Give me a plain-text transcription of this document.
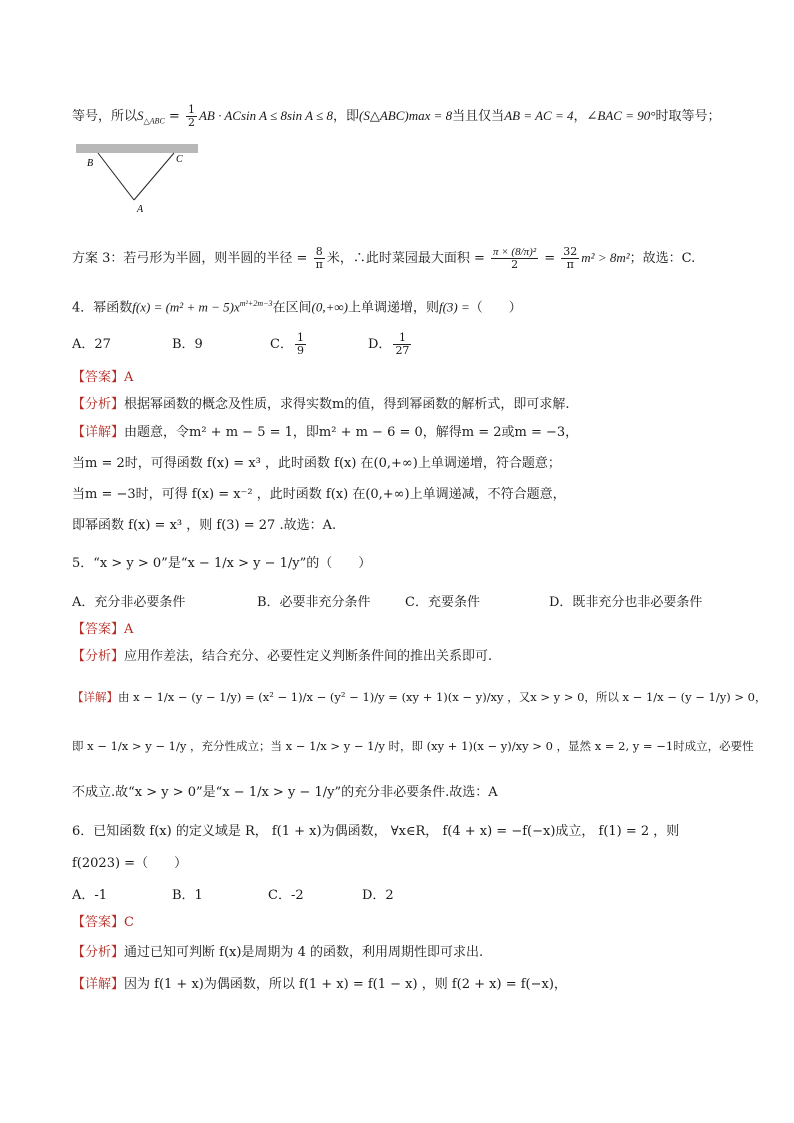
等号，所以$S_{\triangle ABC} = \frac{1}{2}$ AB · ACsin A ≤ 8sin A ≤ 8，即(S△ABC)max = 8当且仅当AB = AC = 4，∠BAC = 90°时取等号；
B	C
A
方案 3：若弓形为半圆，则半圆的半径 = $\frac{8}{\pi}$ 米，∴此时菜园最大面积 = $\frac{\text{π × (8/π)²}}{2} = \frac{32}{\pi} m^2 > 8m^2$；故选：C.
4．幂函数$f(x) = (m^2 + m - 5)x^{m^2+2m-3}$在区间(0,+∞)上单调递增，则f(3) =（　　）
A．27	B．9	C． $\frac{1}{9}$	D． $\frac{1}{27}$
【答案】A
【分析】根据幂函数的概念及性质，求得实数m的值，得到幂函数的解析式，即可求解.
【详解】由题意，令m² + m − 5 = 1，即m² + m − 6 = 0，解得m = 2或m = −3，
当m = 2时，可得函数 f(x) = x³ ，此时函数 f(x) 在(0,+∞)上单调递增，符合题意；
当m = −3时，可得 f(x) = x⁻² ，此时函数 f(x) 在(0,+∞)上单调递减，不符合题意，
即幂函数 f(x) = x³ ，则 f(3) = 27 .故选：A.
5．“x > y > 0”是“x − 1/x > y − 1/y”的（　　）
A．充分非必要条件	B．必要非充分条件	C．充要条件	D．既非充分也非必要条件
【答案】A
【分析】应用作差法，结合充分、必要性定义判断条件间的推出关系即可.
【详解】由 x − 1/x − (y − 1/y) = (x² − 1)/x − (y² − 1)/y = (xy + 1)(x − y)/xy ，又x > y > 0，所以 x − 1/x − (y − 1/y) > 0，
即 x − 1/x > y − 1/y ，充分性成立；当 x − 1/x > y − 1/y 时，即 (xy + 1)(x − y)/xy > 0 ，显然 x = 2, y = −1时成立，必要性
不成立.故“x > y > 0”是“x − 1/x > y − 1/y”的充分非必要条件.故选：A
6．已知函数 f(x) 的定义域是 R， f(1 + x)为偶函数， ∀x∈R， f(4 + x) = −f(−x)成立， f(1) = 2 ，则
f(2023) =（　　）
A．-1	B．1	C．-2	D．2
【答案】C
【分析】通过已知可判断 f(x)是周期为 4 的函数，利用周期性即可求出.
【详解】因为 f(1 + x)为偶函数，所以 f(1 + x) = f(1 − x) ，则 f(2 + x) = f(−x)，
